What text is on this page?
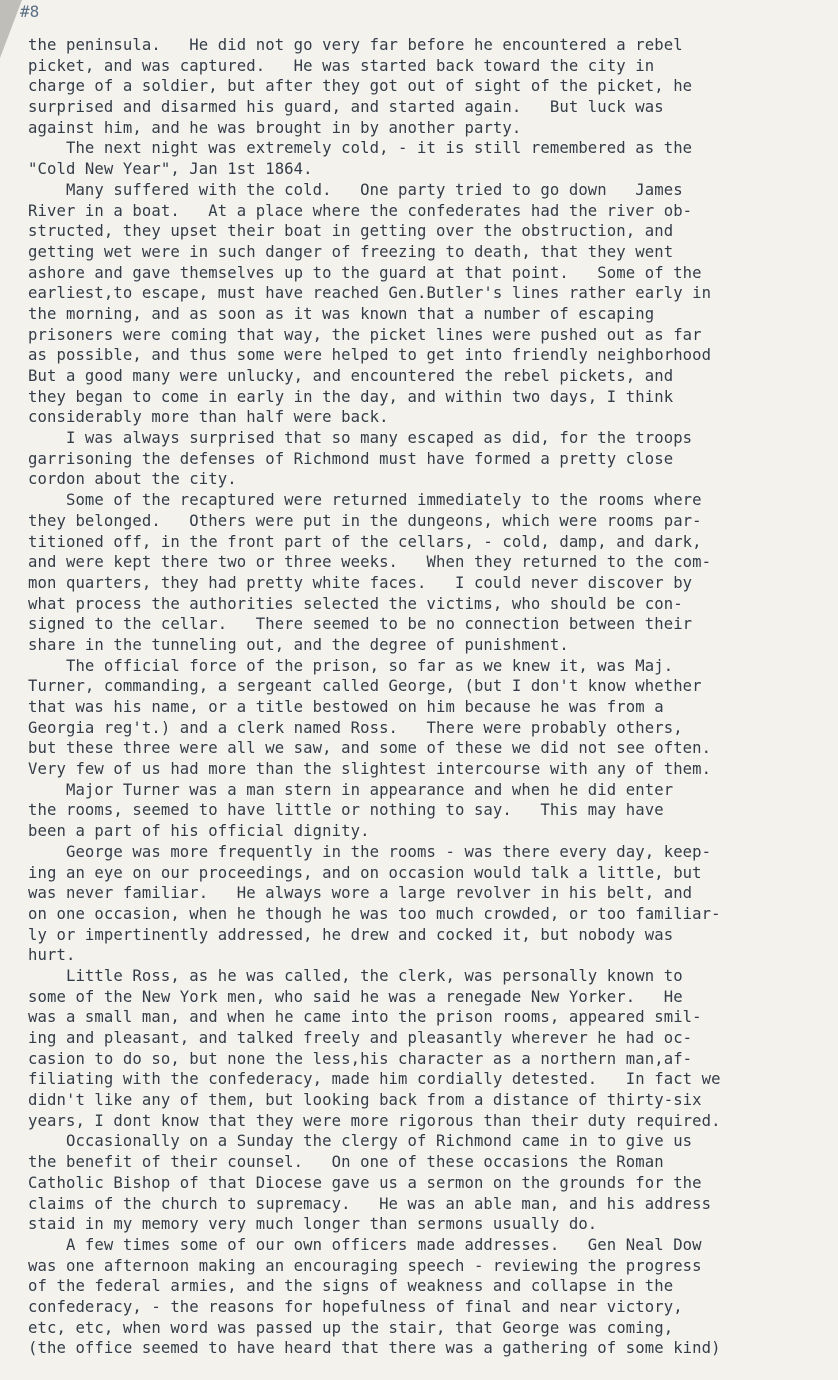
#8
the peninsula.   He did not go very far before he encountered a rebel
picket, and was captured.   He was started back toward the city in
charge of a soldier, but after they got out of sight of the picket, he
surprised and disarmed his guard, and started again.   But luck was
against him, and he was brought in by another party.
The next night was extremely cold, - it is still remembered as the
"Cold New Year", Jan 1st 1864.
Many suffered with the cold.   One party tried to go down   James
River in a boat.   At a place where the confederates had the river ob-
structed, they upset their boat in getting over the obstruction, and
getting wet were in such danger of freezing to death, that they went
ashore and gave themselves up to the guard at that point.   Some of the
earliest,to escape, must have reached Gen.Butler's lines rather early in
the morning, and as soon as it was known that a number of escaping
prisoners were coming that way, the picket lines were pushed out as far
as possible, and thus some were helped to get into friendly neighborhood
But a good many were unlucky, and encountered the rebel pickets, and
they began to come in early in the day, and within two days, I think
considerably more than half were back.
I was always surprised that so many escaped as did, for the troops
garrisoning the defenses of Richmond must have formed a pretty close
cordon about the city.
Some of the recaptured were returned immediately to the rooms where
they belonged.   Others were put in the dungeons, which were rooms par-
titioned off, in the front part of the cellars, - cold, damp, and dark,
and were kept there two or three weeks.   When they returned to the com-
mon quarters, they had pretty white faces.   I could never discover by
what process the authorities selected the victims, who should be con-
signed to the cellar.   There seemed to be no connection between their
share in the tunneling out, and the degree of punishment.
The official force of the prison, so far as we knew it, was Maj.
Turner, commanding, a sergeant called George, (but I don't know whether
that was his name, or a title bestowed on him because he was from a
Georgia reg't.) and a clerk named Ross.   There were probably others,
but these three were all we saw, and some of these we did not see often.
Very few of us had more than the slightest intercourse with any of them.
Major Turner was a man stern in appearance and when he did enter
the rooms, seemed to have little or nothing to say.   This may have
been a part of his official dignity.
George was more frequently in the rooms - was there every day, keep-
ing an eye on our proceedings, and on occasion would talk a little, but
was never familiar.   He always wore a large revolver in his belt, and
on one occasion, when he though he was too much crowded, or too familiar-
ly or impertinently addressed, he drew and cocked it, but nobody was
hurt.
Little Ross, as he was called, the clerk, was personally known to
some of the New York men, who said he was a renegade New Yorker.   He
was a small man, and when he came into the prison rooms, appeared smil-
ing and pleasant, and talked freely and pleasantly wherever he had oc-
casion to do so, but none the less,his character as a northern man,af-
filiating with the confederacy, made him cordially detested.   In fact we
didn't like any of them, but looking back from a distance of thirty-six
years, I dont know that they were more rigorous than their duty required.
Occasionally on a Sunday the clergy of Richmond came in to give us
the benefit of their counsel.   On one of these occasions the Roman
Catholic Bishop of that Diocese gave us a sermon on the grounds for the
claims of the church to supremacy.   He was an able man, and his address
staid in my memory very much longer than sermons usually do.
A few times some of our own officers made addresses.   Gen Neal Dow
was one afternoon making an encouraging speech - reviewing the progress
of the federal armies, and the signs of weakness and collapse in the
confederacy, - the reasons for hopefulness of final and near victory,
etc, etc, when word was passed up the stair, that George was coming,
(the office seemed to have heard that there was a gathering of some kind)
